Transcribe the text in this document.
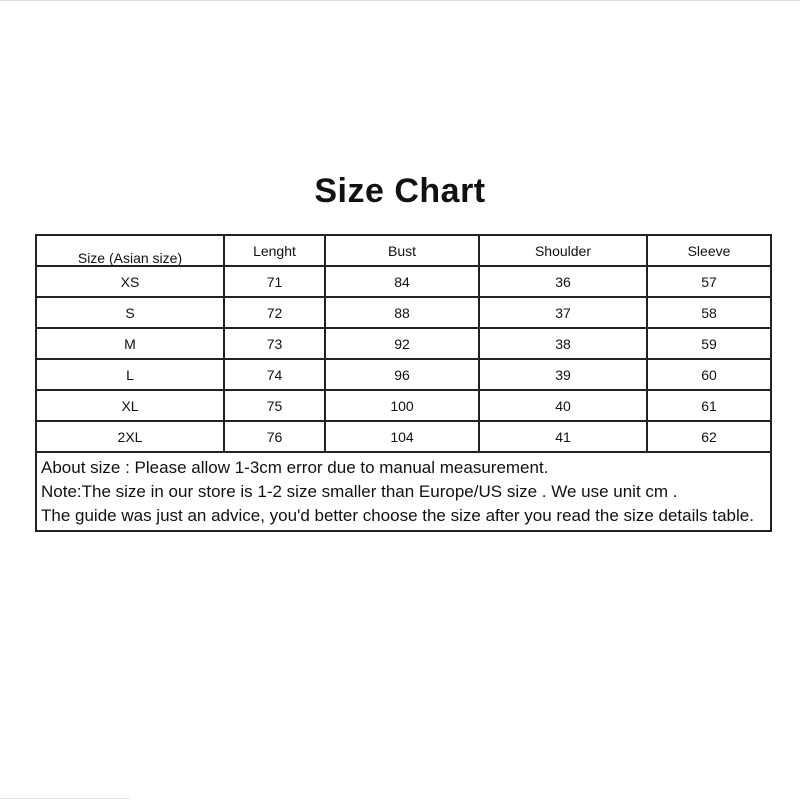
Size Chart
Size (Asian size)	Lenght	Bust	Shoulder	Sleeve
XS	71	84	36	57
S	72	88	37	58
M	73	92	38	59
L	74	96	39	60
XL	75	100	40	61
2XL	76	104	41	62

About size : Please allow 1-3cm error due to manual measurement.
Note:The size in our store is 1-2 size smaller than Europe/US size . We use unit cm .
The guide was just an advice, you'd better choose the size after you read the size details table.				
